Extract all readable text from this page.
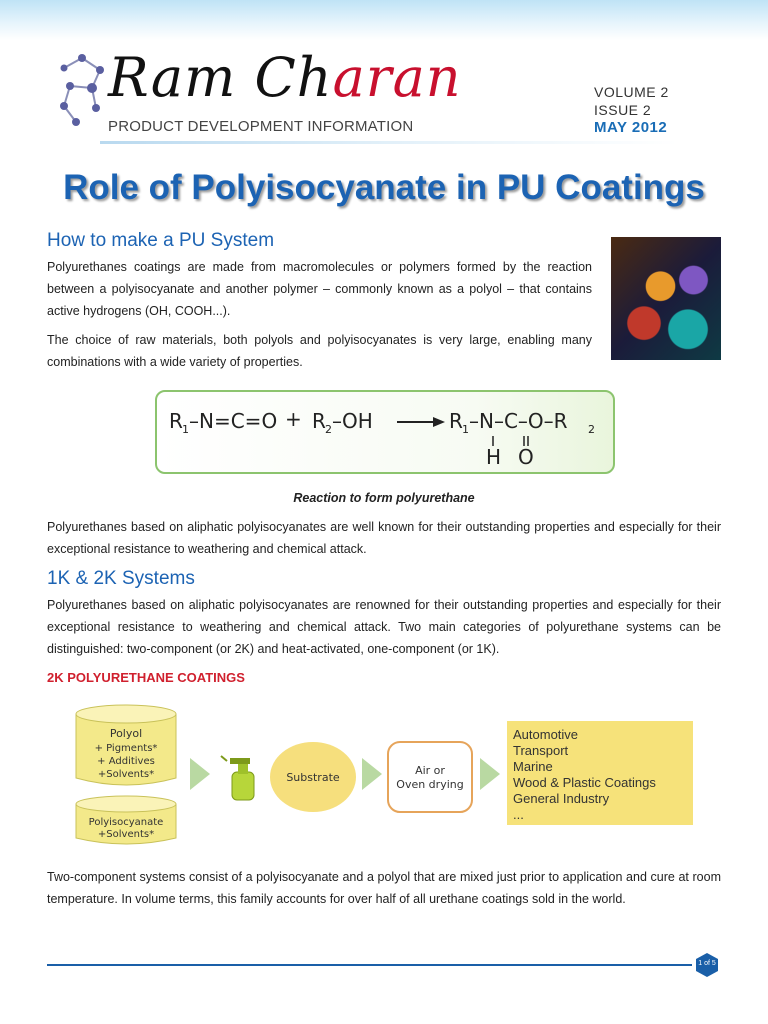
Ram Charan
PRODUCT DEVELOPMENT INFORMATION
VOLUME 2
ISSUE 2
MAY 2012
Role of Polyisocyanate in PU Coatings
How to make a PU System

Polyurethanes coatings are made from macromolecules or polymers formed by the reaction between a polyisocyanate and another polymer – commonly known as a polyol – that contains active hydrogens (OH, COOH...).

The choice of raw materials, both polyols and polyisocyanates is very large, enabling many combinations with a wide variety of properties.

R 1 –N=C=O + R 2 –OH	R 1 –N–C–O–R 2
H O
Reaction to form polyurethane

Polyurethanes based on aliphatic polyisocyanates are well known for their outstanding properties and especially for their exceptional resistance to weathering and chemical attack.

1K & 2K Systems

Polyurethanes based on aliphatic polyisocyanates are renowned for their outstanding properties and especially for their exceptional resistance to weathering and chemical attack. Two main categories of polyurethane systems can be distinguished: two-component (or 2K) and heat-activated, one-component (or 1K).

2K POLYURETHANE COATINGS
Polyol
+ Pigments*
+ Additives
+Solvents*
Polyisocyanate
+Solvents*
Substrate
Air or
Oven drying
Automotive
Transport
Marine
Wood & Plastic Coatings
General Industry
...

Two-component systems consist of a polyisocyanate and a polyol that are mixed just prior to application and cure at room temperature. In volume terms, this family accounts for over half of all urethane coatings sold in the world.

1 of 5
